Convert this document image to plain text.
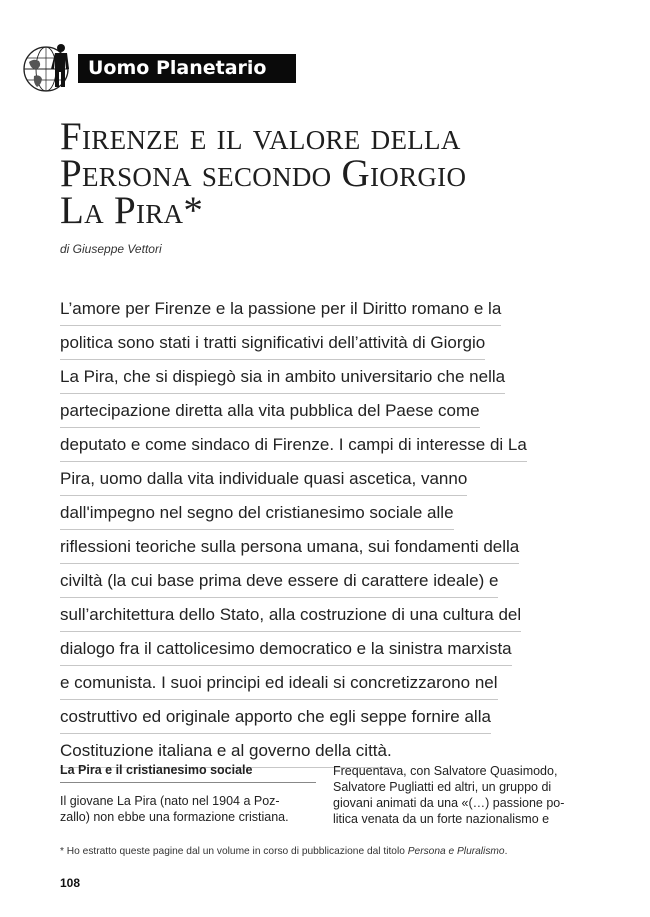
Uomo Planetario
Firenze e il valore della
Persona secondo Giorgio
La Pira*
di Giuseppe Vettori
L’amore per Firenze e la passione per il Diritto romano e la
politica sono stati i tratti significativi dell’attività di Giorgio
La Pira, che si dispiegò sia in ambito universitario che nella
partecipazione diretta alla vita pubblica del Paese come
deputato e come sindaco di Firenze. I campi di interesse di La
Pira, uomo dalla vita individuale quasi ascetica, vanno
dall'impegno nel segno del cristianesimo sociale alle
riflessioni teoriche sulla persona umana, sui fondamenti della
civiltà (la cui base prima deve essere di carattere ideale) e
sull’architettura dello Stato, alla costruzione di una cultura del
dialogo fra il cattolicesimo democratico e la sinistra marxista
e comunista. I suoi principi ed ideali si concretizzarono nel
costruttivo ed originale apporto che egli seppe fornire alla
Costituzione italiana e al governo della città.
La Pira e il cristianesimo sociale
Il giovane La Pira (nato nel 1904 a Poz-
zallo) non ebbe una formazione cristiana.
Frequentava, con Salvatore Quasimodo,
Salvatore Pugliatti ed altri, un gruppo di
giovani animati da una «(…) passione po-
litica venata da un forte nazionalismo e
* Ho estratto queste pagine dal un volume in corso di pubblicazione dal titolo Persona e Pluralismo.
108
